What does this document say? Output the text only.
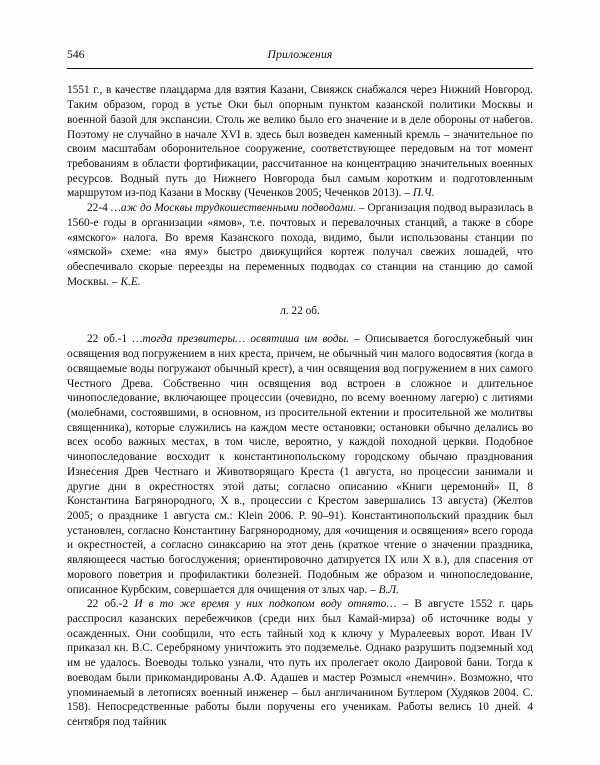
546	Приложения

1551 г., в качестве плацдарма для взятия Казани, Свияжск снабжался через Нижний Новгород. Таким образом, город в устье Оки был опорным пунктом казанской политики Москвы и военной базой для экспансии. Столь же велико было его значение и в деле обороны от набегов. Поэтому не случайно в начале XVI в. здесь был возведен каменный кремль – значительное по своим масштабам оборонительное сооружение, соответствующее передовым на тот момент требованиям в области фортификации, рассчитанное на концентрацию значительных военных ресурсов. Водный путь до Нижнего Новгорода был самым коротким и подготовленным маршрутом из-под Казани в Москву (Чеченков 2005; Чеченков 2013). – П.Ч.

22-4 …аж до Москвы трудкошественными подводами. – Организация подвод выразилась в 1560-е годы в организации «ямов», т.е. почтовых и перевалочных станций, а также в сборе «ямского» налога. Во время Казанского похода, видимо, были использованы станции по «ямской» схеме: «на яму» быстро движущийся кортеж получал свежих лошадей, что обеспечивало скорые переезды на переменных подводах со станции на станцию до самой Москвы. – К.Е.

л. 22 об.

22 об.-1 …тогда презвитеры… освятиша им воды. – Описывается богослужебный чин освящения вод погружением в них креста, причем, не обычный чин малого водосвятия (когда в освящаемые воды погружают обычный крест), а чин освящения вод погружением в них самого Честного Древа. Собственно чин освящения вод встроен в сложное и длительное чинопоследование, включающее процессии (очевидно, по всему военному лагерю) с литиями (молебнами, состоявшими, в основном, из просительной ектении и просительной же молитвы священника), которые служились на каждом месте остановки; остановки обычно делались во всех особо важных местах, в том числе, вероятно, у каждой походной церкви. Подобное чинопоследование восходит к константинопольскому городскому обычаю празднования Изнесения Древ Честнаго и Животворящаго Креста (1 августа, но процессии занимали и другие дни в окрестностях этой даты; согласно описанию «Книги церемоний» II, 8 Константина Багрянородного, X в., процессии с Крестом завершались 13 августа) (Желтов 2005; о празднике 1 августа см.: Klein 2006. P. 90–91). Константинопольский праздник был установлен, согласно Константину Багрянородному, для «очищения и освящения» всего города и окрестностей, а согласно синаксарию на этот день (краткое чтение о значении праздника, являющееся частью богослужения; ориентировочно датируется IX или X в.), для спасения от морового поветрия и профилактики болезней. Подобным же образом и чинопоследование, описанное Курбским, совершается для очищения от злых чар. – В.Л.

22 об.-2 И в то же время у них подкопом воду отнято… – В августе 1552 г. царь расспросил казанских перебежчиков (среди них был Камай-мирза) об источнике воды у осажденных. Они сообщили, что есть тайный ход к ключу у Муралеевых ворот. Иван IV приказал кн. В.С. Серебряному уничтожить это подземелье. Однако разрушить подземный ход им не удалось. Воеводы только узнали, что путь их пролегает около Даировой бани. Тогда к воеводам были прикомандированы А.Ф. Адашев и мастер Розмысл «немчин». Возможно, что упоминаемый в летописях военный инженер – был англичанином Бутлером (Худяков 2004. С. 158). Непосредственные работы были поручены его ученикам. Работы велись 10 дней. 4 сентября под тайник
